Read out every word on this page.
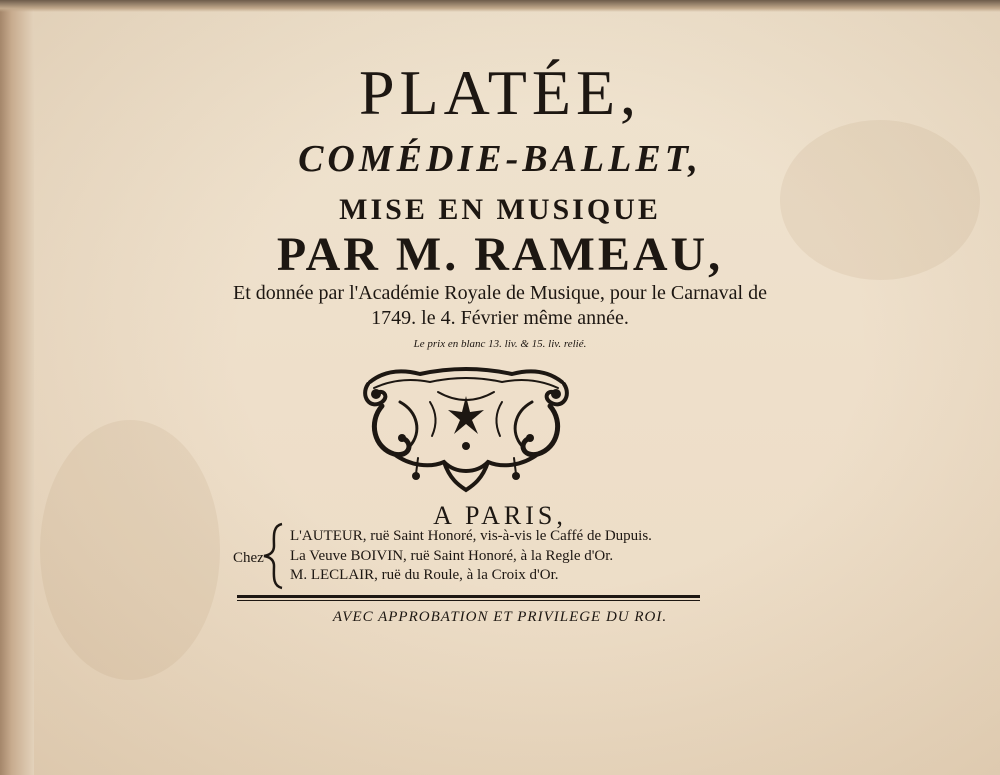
PLATÉE,
COMÉDIE-BALLET,
MISE EN MUSIQUE
PAR M. RAMEAU,
Et donnée par l'Académie Royale de Musique, pour le Carnaval de
1749. le 4. Février même année.
Le prix en blanc 13. liv. & 15. liv. relié.
A PARIS,
Chez
L'AUTEUR, ruë Saint Honoré, vis-à-vis le Caffé de Dupuis.
La Veuve BOIVIN, ruë Saint Honoré, à la Regle d'Or.
M. LECLAIR, ruë du Roule, à la Croix d'Or.
AVEC APPROBATION ET PRIVILEGE DU ROI.
